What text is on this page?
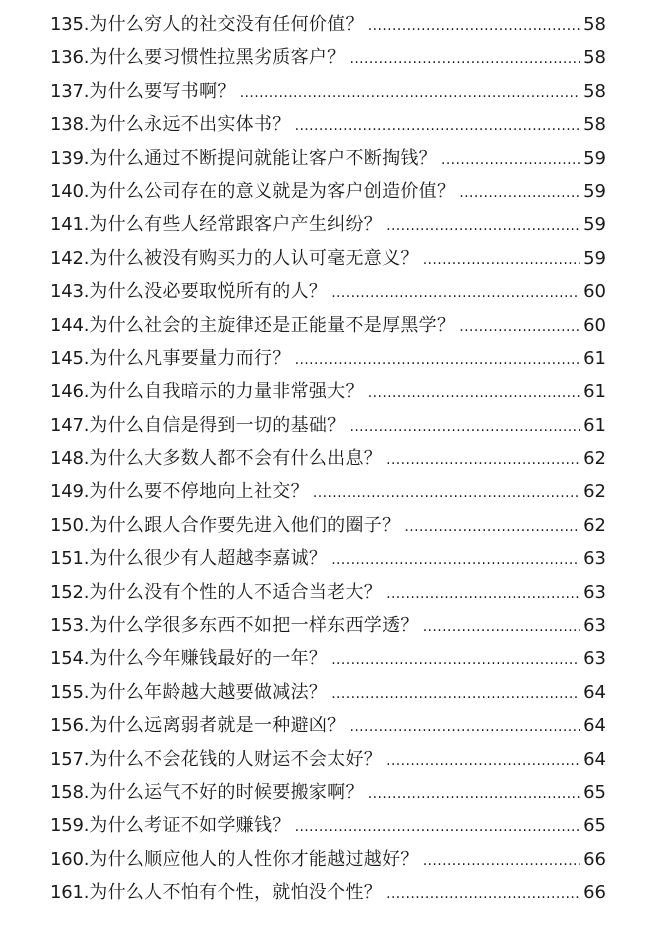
135. 为什么穷人的社交没有任何价值？ .....	58
136. 为什么要习惯性拉黑劣质客户？ .....	58
137. 为什么要写书啊？ .....	58
138. 为什么永远不出实体书？ .....	58
139. 为什么通过不断提问就能让客户不断掏钱？ .....	59
140. 为什么公司存在的意义就是为客户创造价值？ .....	59
141. 为什么有些人经常跟客户产生纠纷？ .....	59
142. 为什么被没有购买力的人认可毫无意义？ .....	59
143. 为什么没必要取悦所有的人？ .....	60
144. 为什么社会的主旋律还是正能量不是厚黑学？ .....	60
145. 为什么凡事要量力而行？ .....	61
146. 为什么自我暗示的力量非常强大？ .....	61
147. 为什么自信是得到一切的基础？ .....	61
148. 为什么大多数人都不会有什么出息？ .....	62
149. 为什么要不停地向上社交？ .....	62
150. 为什么跟人合作要先进入他们的圈子？ .....	62
151. 为什么很少有人超越李嘉诚？ .....	63
152. 为什么没有个性的人不适合当老大？ .....	63
153. 为什么学很多东西不如把一样东西学透？ .....	63
154. 为什么今年赚钱最好的一年？ .....	63
155. 为什么年龄越大越要做减法？ .....	64
156. 为什么远离弱者就是一种避凶？ .....	64
157. 为什么不会花钱的人财运不会太好？ .....	64
158. 为什么运气不好的时候要搬家啊？ .....	65
159. 为什么考证不如学赚钱？ .....	65
160. 为什么顺应他人的人性你才能越过越好？ .....	66
161. 为什么人不怕有个性，就怕没个性？ .....	66
